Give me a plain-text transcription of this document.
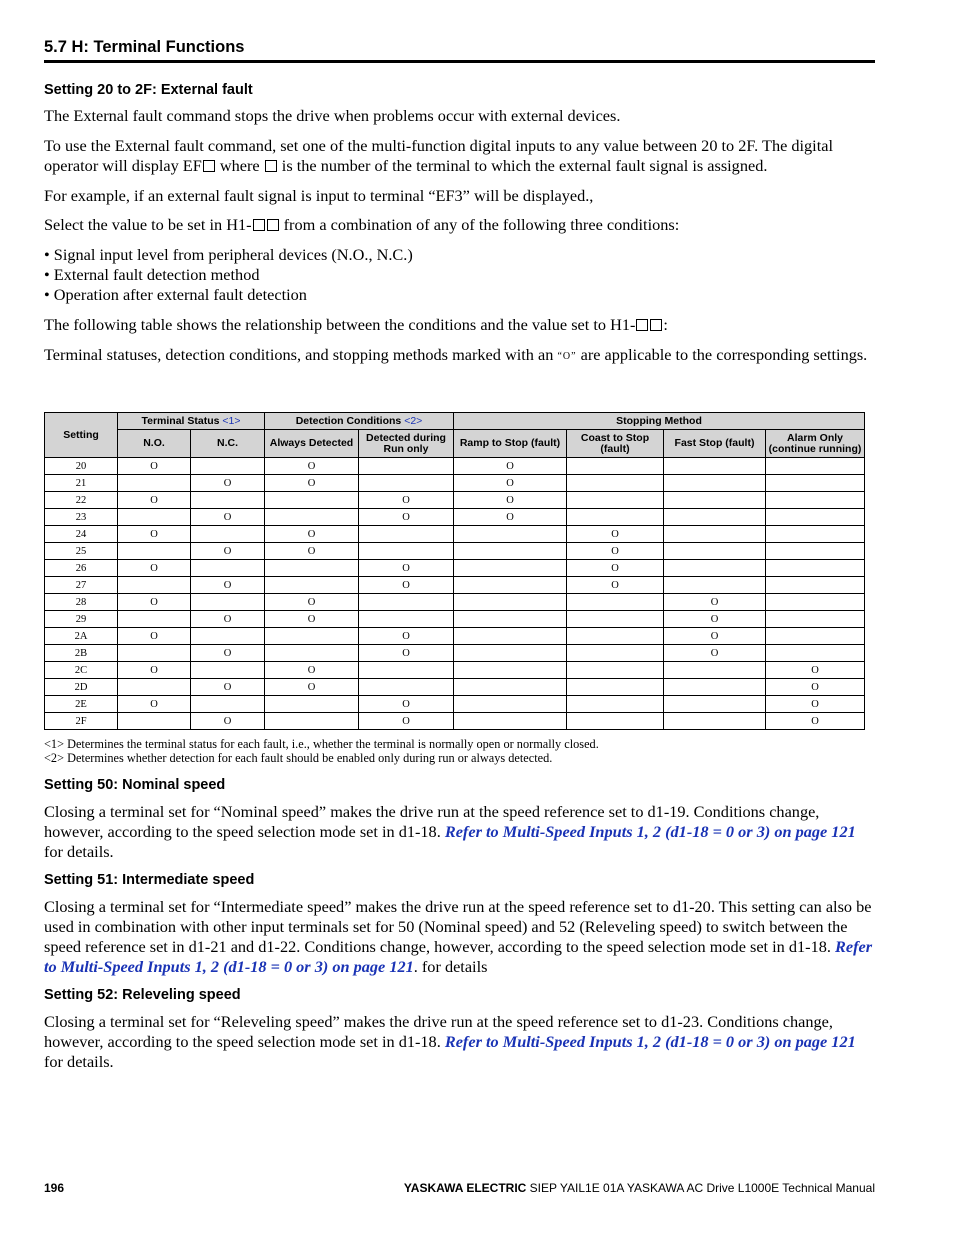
5.7 H: Terminal Functions
Setting 20 to 2F: External fault
The External fault command stops the drive when problems occur with external devices.
To use the External fault command, set one of the multi-function digital inputs to any value between 20 to 2F. The digital operator will display EF where  is the number of the terminal to which the external fault signal is assigned.
For example, if an external fault signal is input to terminal “EF3” will be displayed.,
Select the value to be set in H1- from a combination of any of the following three conditions:
• Signal input level from peripheral devices (N.O., N.C.)
• External fault detection method
• Operation after external fault detection
The following table shows the relationship between the conditions and the value set to H1- :
Terminal statuses, detection conditions, and stopping methods marked with an “O” are applicable to the corresponding settings.
Setting	Terminal Status <1>		Detection Conditions <2>		Stopping Method			
	N.O.	N.C.	Always Detected	Detected during Run only	Ramp to Stop (fault)	Coast to Stop (fault)	Fast Stop (fault)	Alarm Only (continue running)
20	O		O		O			
21		O	O		O			
22	O			O	O			
23		O		O	O			
24	O		O			O		
25		O	O			O		
26	O			O		O		
27		O		O		O		
28	O		O				O	
29		O	O				O	
2A	O			O			O	
2B		O		O			O	
2C	O		O					O
2D		O	O					O
2E	O			O				O
2F		O		O				O
<1> Determines the terminal status for each fault, i.e., whether the terminal is normally open or normally closed.
<2> Determines whether detection for each fault should be enabled only during run or always detected.
Setting 50: Nominal speed
Closing a terminal set for “Nominal speed” makes the drive run at the speed reference set to d1-19. Conditions change, however, according to the speed selection mode set in d1-18. Refer to Multi-Speed Inputs 1, 2 (d1-18 = 0 or 3) on page 121 for details.
Setting 51: Intermediate speed
Closing a terminal set for “Intermediate speed” makes the drive run at the speed reference set to d1-20. This setting can also be used in combination with other input terminals set for 50 (Nominal speed) and 52 (Releveling speed) to switch between the speed reference set in d1-21 and d1-22. Conditions change, however, according to the speed selection mode set in d1-18. Refer to Multi-Speed Inputs 1, 2 (d1-18 = 0 or 3) on page 121. for details
Setting 52: Releveling speed
Closing a terminal set for “Releveling speed” makes the drive run at the speed reference set to d1-23. Conditions change, however, according to the speed selection mode set in d1-18. Refer to Multi-Speed Inputs 1, 2 (d1-18 = 0 or 3) on page 121 for details.
196	YASKAWA ELECTRIC SIEP YAIL1E 01A YASKAWA AC Drive L1000E Technical Manual
